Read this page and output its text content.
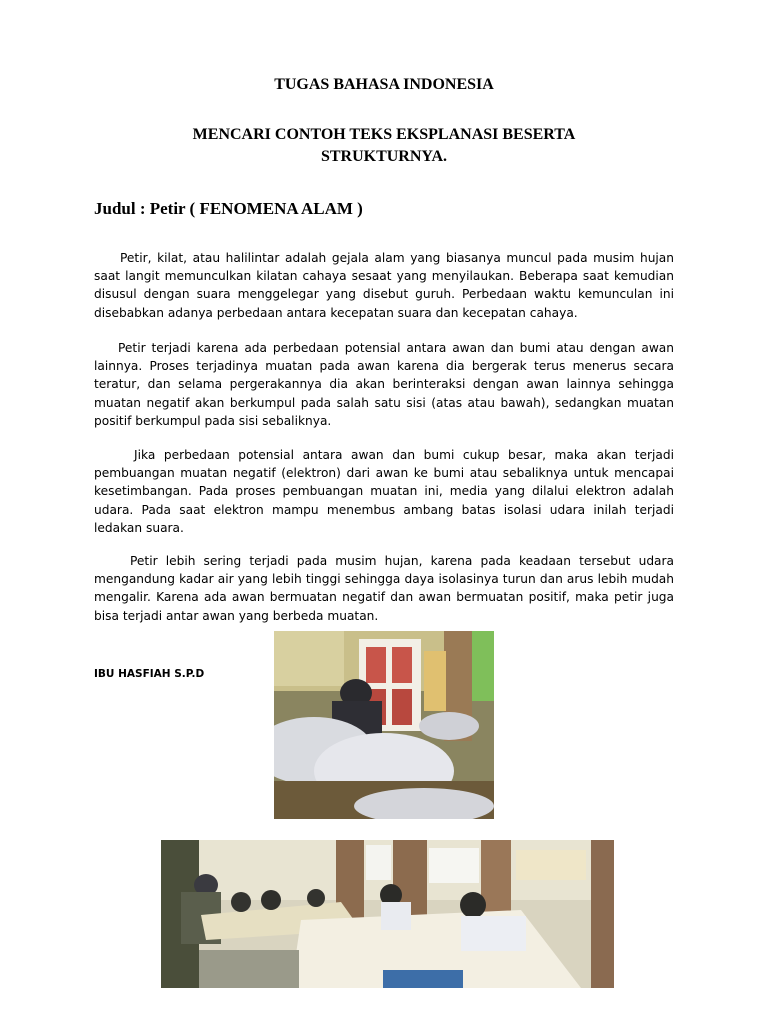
TUGAS BAHASA INDONESIA
MENCARI CONTOH TEKS EKSPLANASI BESERTA STRUKTURNYA.
Judul : Petir ( FENOMENA ALAM )

Petir, kilat, atau halilintar adalah gejala alam yang biasanya muncul pada musim hujan saat langit memunculkan kilatan cahaya sesaat yang menyilaukan. Beberapa saat kemudian disusul dengan suara menggelegar yang disebut guruh. Perbedaan waktu kemunculan ini disebabkan adanya perbedaan antara kecepatan suara dan kecepatan cahaya.

Petir terjadi karena ada perbedaan potensial antara awan dan bumi atau dengan awan lainnya. Proses terjadinya muatan pada awan karena dia bergerak terus menerus secara teratur, dan selama pergerakannya dia akan berinteraksi dengan awan lainnya sehingga muatan negatif akan berkumpul pada salah satu sisi (atas atau bawah), sedangkan muatan positif berkumpul pada sisi sebaliknya.

Jika perbedaan potensial antara awan dan bumi cukup besar, maka akan terjadi pembuangan muatan negatif (elektron) dari awan ke bumi atau sebaliknya untuk mencapai kesetimbangan. Pada proses pembuangan muatan ini, media yang dilalui elektron adalah udara. Pada saat elektron mampu menembus ambang batas isolasi udara inilah terjadi ledakan suara.

Petir lebih sering terjadi pada musim hujan, karena pada keadaan tersebut udara mengandung kadar air yang lebih tinggi sehingga daya isolasinya turun dan arus lebih mudah mengalir. Karena ada awan bermuatan negatif dan awan bermuatan positif, maka petir juga bisa terjadi antar awan yang berbeda muatan.

IBU HASFIAH S.P.D
